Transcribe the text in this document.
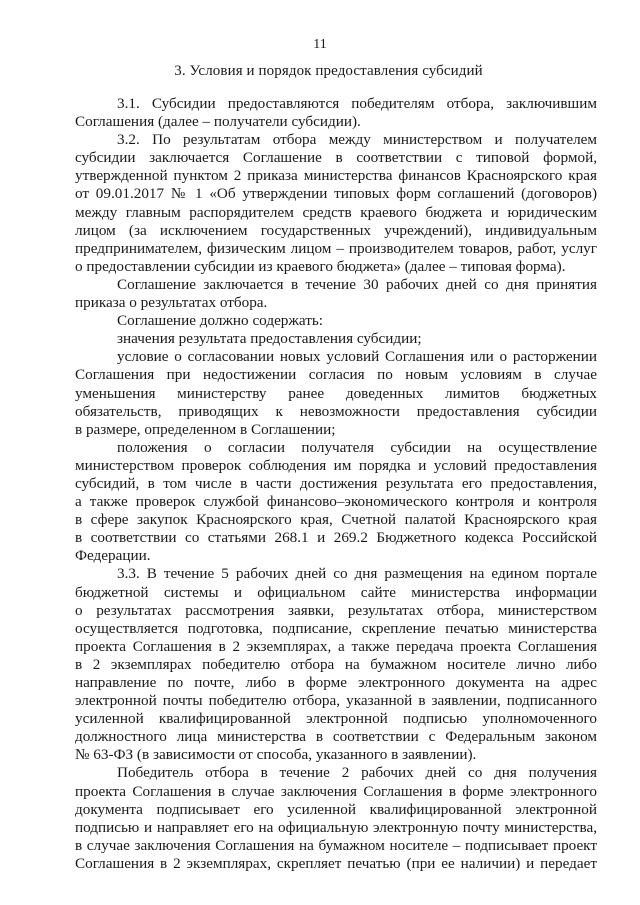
11
3. Условия и порядок предоставления субсидий
3.1. Субсидии предоставляются победителям отбора, заключившим
Соглашения (далее – получатели субсидии).
3.2. По результатам отбора между министерством и получателем
субсидии заключается Соглашение в соответствии с типовой формой,
утвержденной пунктом 2 приказа министерства финансов Красноярского края
от 09.01.2017 № 1 «Об утверждении типовых форм соглашений (договоров)
между главным распорядителем средств краевого бюджета и юридическим
лицом (за исключением государственных учреждений), индивидуальным
предпринимателем, физическим лицом – производителем товаров, работ, услуг
о предоставлении субсидии из краевого бюджета» (далее – типовая форма).
Соглашение заключается в течение 30 рабочих дней со дня принятия
приказа о результатах отбора.
Соглашение должно содержать:
значения результата предоставления субсидии;
условие о согласовании новых условий Соглашения или о расторжении
Соглашения при недостижении согласия по новым условиям в случае
уменьшения министерству ранее доведенных лимитов бюджетных
обязательств, приводящих к невозможности предоставления субсидии
в размере, определенном в Соглашении;
положения о согласии получателя субсидии на осуществление
министерством проверок соблюдения им порядка и условий предоставления
субсидий, в том числе в части достижения результата его предоставления,
а также проверок службой финансово–экономического контроля и контроля
в сфере закупок Красноярского края, Счетной палатой Красноярского края
в соответствии со статьями 268.1 и 269.2 Бюджетного кодекса Российской
Федерации.
3.3. В течение 5 рабочих дней со дня размещения на едином портале
бюджетной системы и официальном сайте министерства информации
о результатах рассмотрения заявки, результатах отбора, министерством
осуществляется подготовка, подписание, скрепление печатью министерства
проекта Соглашения в 2 экземплярах, а также передача проекта Соглашения
в 2 экземплярах победителю отбора на бумажном носителе лично либо
направление по почте, либо в форме электронного документа на адрес
электронной почты победителю отбора, указанной в заявлении, подписанного
усиленной квалифицированной электронной подписью уполномоченного
должностного лица министерства в соответствии с Федеральным законом
№ 63-ФЗ (в зависимости от способа, указанного в заявлении).
Победитель отбора в течение 2 рабочих дней со дня получения
проекта Соглашения в случае заключения Соглашения в форме электронного
документа подписывает его усиленной квалифицированной электронной
подписью и направляет его на официальную электронную почту министерства,
в случае заключения Соглашения на бумажном носителе – подписывает проект
Соглашения в 2 экземплярах, скрепляет печатью (при ее наличии) и передает
